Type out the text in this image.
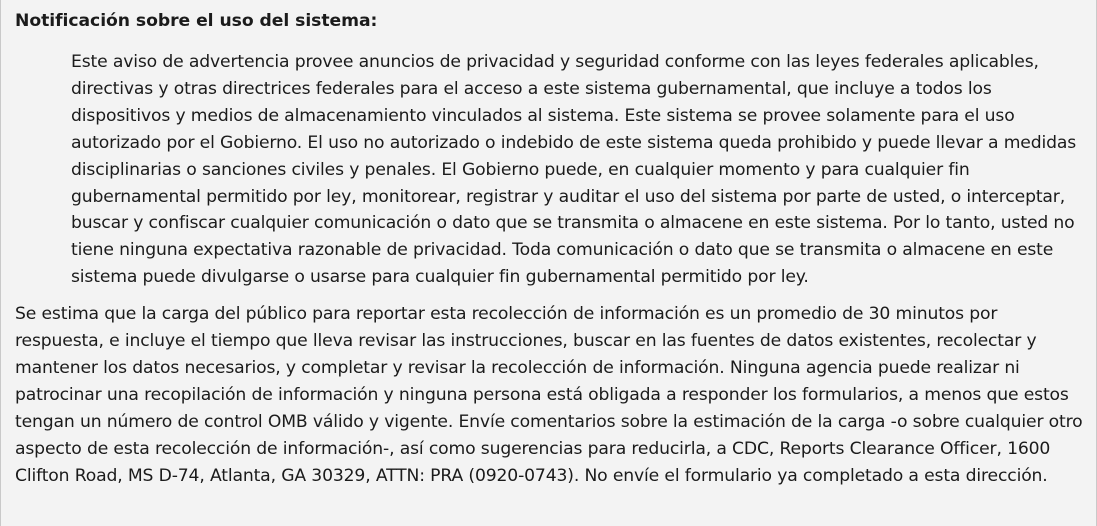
Notificación sobre el uso del sistema:

Este aviso de advertencia provee anuncios de privacidad y seguridad conforme con las leyes federales aplicables, directivas y otras directrices federales para el acceso a este sistema gubernamental, que incluye a todos los dispositivos y medios de almacenamiento vinculados al sistema. Este sistema se provee solamente para el uso autorizado por el Gobierno. El uso no autorizado o indebido de este sistema queda prohibido y puede llevar a medidas disciplinarias o sanciones civiles y penales. El Gobierno puede, en cualquier momento y para cualquier fin gubernamental permitido por ley, monitorear, registrar y auditar el uso del sistema por parte de usted, o interceptar, buscar y confiscar cualquier comunicación o dato que se transmita o almacene en este sistema. Por lo tanto, usted no tiene ninguna expectativa razonable de privacidad. Toda comunicación o dato que se transmita o almacene en este sistema puede divulgarse o usarse para cualquier fin gubernamental permitido por ley.

Se estima que la carga del público para reportar esta recolección de información es un promedio de 30 minutos por respuesta, e incluye el tiempo que lleva revisar las instrucciones, buscar en las fuentes de datos existentes, recolectar y mantener los datos necesarios, y completar y revisar la recolección de información. Ninguna agencia puede realizar ni patrocinar una recopilación de información y ninguna persona está obligada a responder los formularios, a menos que estos tengan un número de control OMB válido y vigente. Envíe comentarios sobre la estimación de la carga -o sobre cualquier otro aspecto de esta recolección de información-, así como sugerencias para reducirla, a CDC, Reports Clearance Officer, 1600 Clifton Road, MS D-74, Atlanta, GA 30329, ATTN: PRA (0920-0743). No envíe el formulario ya completado a esta dirección.
